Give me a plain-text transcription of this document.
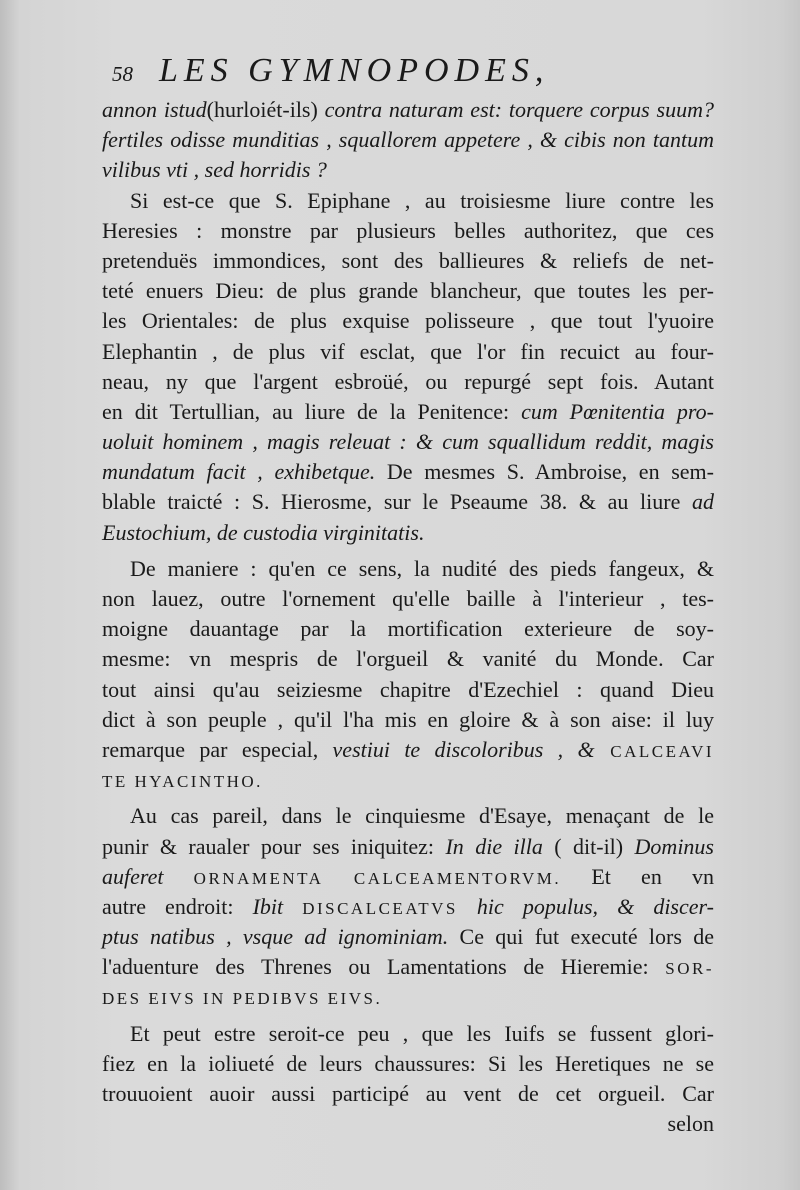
58 LES GYMNOPODES,
annon istud(hurloiét-ils) contra naturam est: torquere corpus suum?
fertiles odisse munditias , squallorem appetere , & cibis non tantum
vilibus vti , sed horridis ?
Si est-ce que S. Epiphane , au troisiesme liure contre les
Heresies : monstre par plusieurs belles authoritez, que ces
pretenduës immondices, sont des ballieures & reliefs de net-
teté enuers Dieu: de plus grande blancheur, que toutes les per-
les Orientales: de plus exquise polisseure , que tout l'yuoire
Elephantin , de plus vif esclat, que l'or fin recuict au four-
neau, ny que l'argent esbroüé, ou repurgé sept fois. Autant
en dit Tertullian, au liure de la Penitence: cum Pœnitentia pro-
uoluit hominem , magis releuat : & cum squallidum reddit, magis
mundatum facit , exhibetque. De mesmes S. Ambroise, en sem-
blable traicté : S. Hierosme, sur le Pseaume 38. & au liure ad
Eustochium, de custodia virginitatis.
De maniere : qu'en ce sens, la nudité des pieds fangeux, &
non lauez, outre l'ornement qu'elle baille à l'interieur , tes-
moigne dauantage par la mortification exterieure de soy-
mesme: vn mespris de l'orgueil & vanité du Monde. Car
tout ainsi qu'au seiziesme chapitre d'Ezechiel : quand Dieu
dict à son peuple , qu'il l'ha mis en gloire & à son aise: il luy
remarque par especial, vestiui te discoloribus , & CALCEAVI
TE HYACINTHO.
Au cas pareil, dans le cinquiesme d'Esaye, menaçant de le
punir & raualer pour ses iniquitez: In die illa ( dit-il) Dominus
auferet ORNAMENTA CALCEAMENTORVM. Et en vn
autre endroit: Ibit DISCALCEATVS hic populus, & discer-
ptus natibus , vsque ad ignominiam. Ce qui fut executé lors de
l'aduenture des Threnes ou Lamentations de Hieremie: SOR-
DES EIVS IN PEDIBVS EIVS.
Et peut estre seroit-ce peu , que les Iuifs se fussent glori-
fiez en la ioliueté de leurs chaussures: Si les Heretiques ne se
trouuoient auoir aussi participé au vent de cet orgueil. Car
selon
